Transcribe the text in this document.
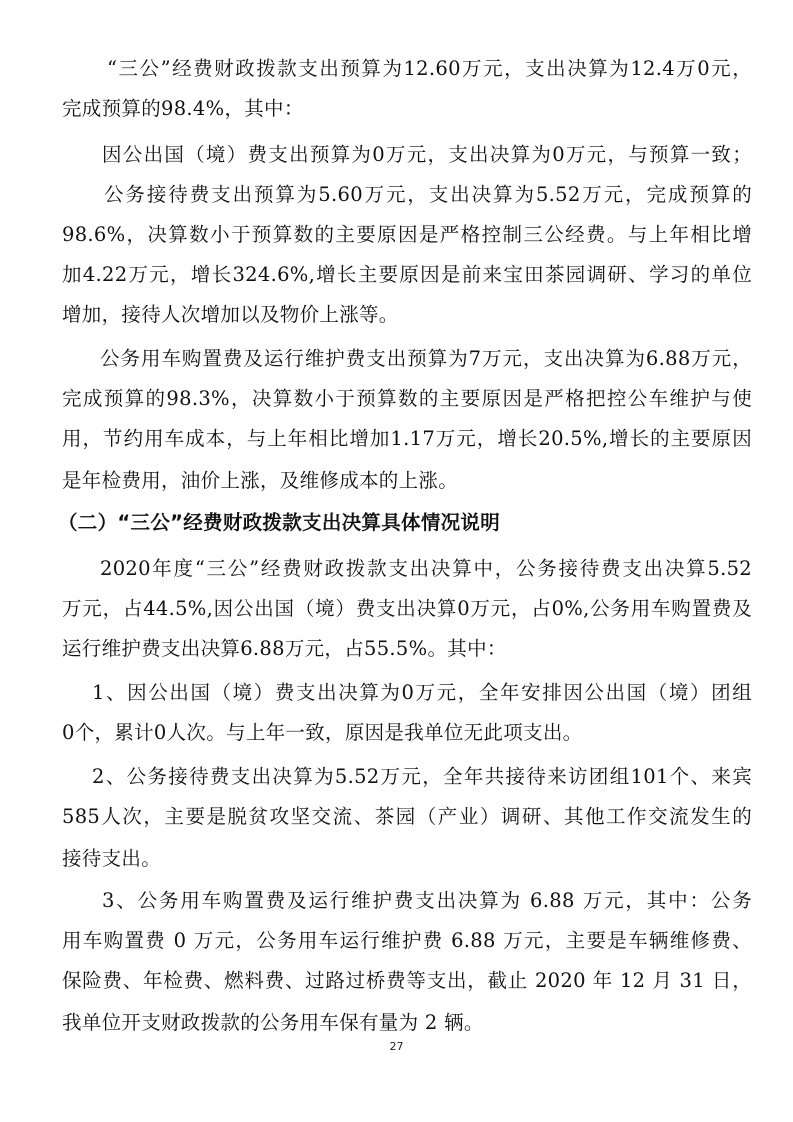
“三公”经费财政拨款支出预算为12.60万元，支出决算为12.4万0元，
完成预算的98.4%，其中：
因公出国（境）费支出预算为0万元，支出决算为0万元，与预算一致；
公务接待费支出预算为5.60万元，支出决算为5.52万元，完成预算的
98.6%，决算数小于预算数的主要原因是严格控制三公经费。与上年相比增
加4.22万元，增长324.6%,增长主要原因是前来宝田茶园调研、学习的单位
增加，接待人次增加以及物价上涨等。
公务用车购置费及运行维护费支出预算为7万元，支出决算为6.88万元，
完成预算的98.3%，决算数小于预算数的主要原因是严格把控公车维护与使
用，节约用车成本，与上年相比增加1.17万元，增长20.5%,增长的主要原因
是年检费用，油价上涨，及维修成本的上涨。
（二）“三公”经费财政拨款支出决算具体情况说明
2020年度“三公”经费财政拨款支出决算中，公务接待费支出决算5.52
万元，占44.5%,因公出国（境）费支出决算0万元，占0%,公务用车购置费及
运行维护费支出决算6.88万元，占55.5%。其中：
1、因公出国（境）费支出决算为0万元，全年安排因公出国（境）团组
0个，累计0人次。与上年一致，原因是我单位无此项支出。
2、公务接待费支出决算为5.52万元，全年共接待来访团组101个、来宾
585人次，主要是脱贫攻坚交流、茶园（产业）调研、其他工作交流发生的
接待支出。
3、公务用车购置费及运行维护费支出决算为 6.88 万元，其中：公务
用车购置费 0 万元，公务用车运行维护费 6.88 万元，主要是车辆维修费、
保险费、年检费、燃料费、过路过桥费等支出，截止 2020 年 12 月 31 日，
我单位开支财政拨款的公务用车保有量为 2 辆。
27
